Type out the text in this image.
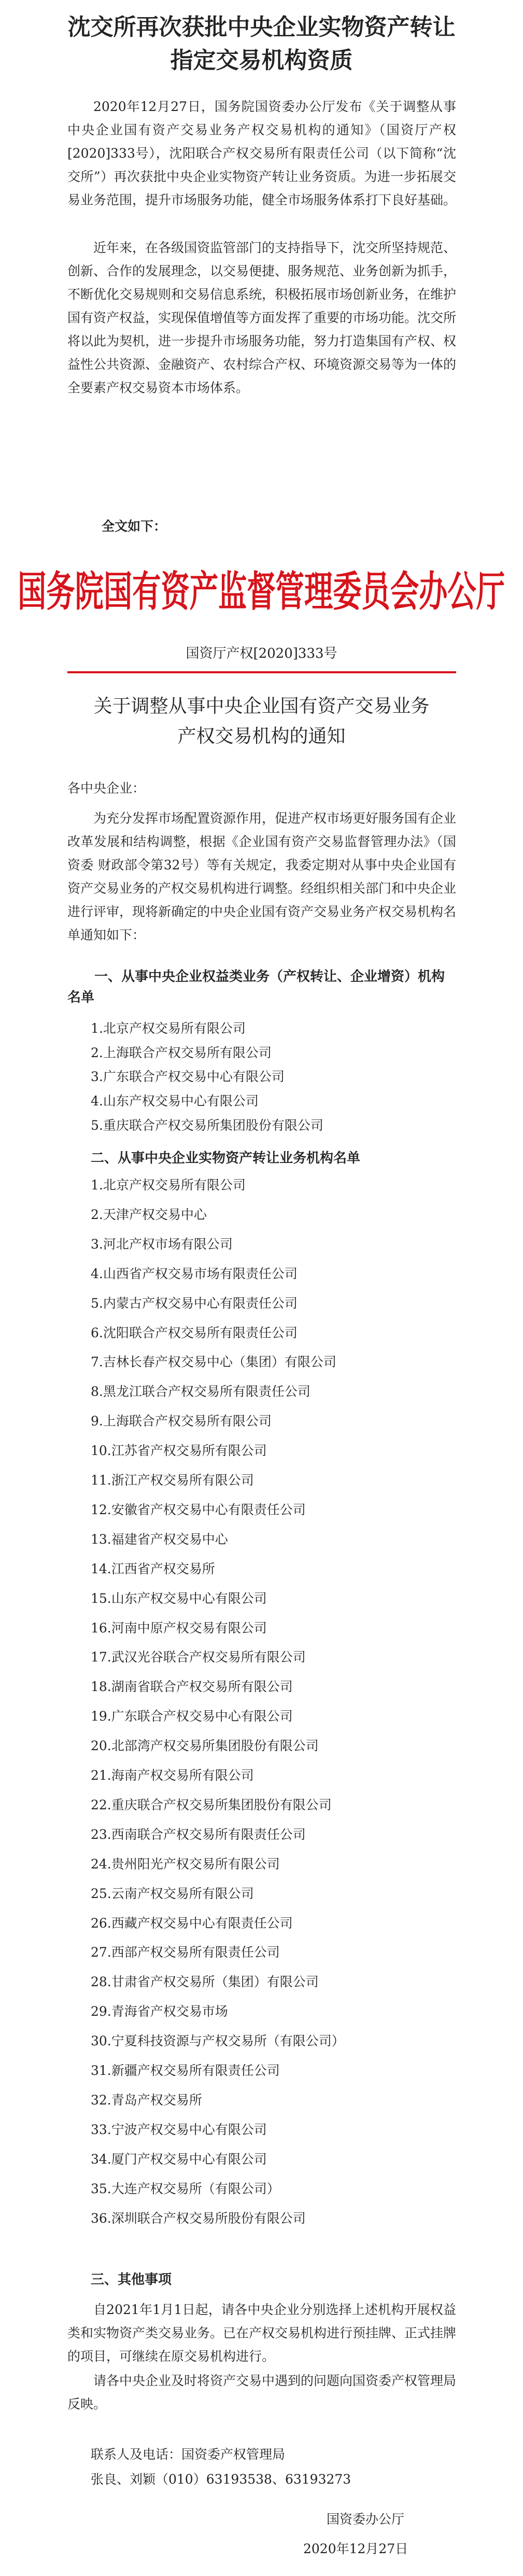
沈交所再次获批中央企业实物资产转让
指定交易机构资质

2020年12月27日，国务院国资委办公厅发布《关于调整从事中央企业国有资产交易业务产权交易机构的通知》（国资厅产权[2020]333号），沈阳联合产权交易所有限责任公司（以下简称“沈交所”）再次获批中央企业实物资产转让业务资质。为进一步拓展交易业务范围，提升市场服务功能，健全市场服务体系打下良好基础。

近年来，在各级国资监管部门的支持指导下，沈交所坚持规范、创新、合作的发展理念，以交易便捷、服务规范、业务创新为抓手，不断优化交易规则和交易信息系统，积极拓展市场创新业务，在维护国有资产权益，实现保值增值等方面发挥了重要的市场功能。沈交所将以此为契机，进一步提升市场服务功能，努力打造集国有产权、权益性公共资源、金融资产、农村综合产权、环境资源交易等为一体的全要素产权交易资本市场体系。

全文如下：
国务院国有资产监督管理委员会办公厅
国资厅产权[2020]333号
关于调整从事中央企业国有资产交易业务
产权交易机构的通知
各中央企业：

为充分发挥市场配置资源作用，促进产权市场更好服务国有企业改革发展和结构调整，根据《企业国有资产交易监督管理办法》（国资委 财政部令第32号）等有关规定，我委定期对从事中央企业国有资产交易业务的产权交易机构进行调整。经组织相关部门和中央企业进行评审，现将新确定的中央企业国有资产交易业务产权交易机构名单通知如下：

一、从事中央企业权益类业务（产权转让、企业增资）机构名单
1.北京产权交易所有限公司
2.上海联合产权交易所有限公司
3.广东联合产权交易中心有限公司
4.山东产权交易中心有限公司
5.重庆联合产权交易所集团股份有限公司
二、从事中央企业实物资产转让业务机构名单
1.北京产权交易所有限公司
2.天津产权交易中心
3.河北产权市场有限公司
4.山西省产权交易市场有限责任公司
5.内蒙古产权交易中心有限责任公司
6.沈阳联合产权交易所有限责任公司
7.吉林长春产权交易中心（集团）有限公司
8.黑龙江联合产权交易所有限责任公司
9.上海联合产权交易所有限公司
10.江苏省产权交易所有限公司
11.浙江产权交易所有限公司
12.安徽省产权交易中心有限责任公司
13.福建省产权交易中心
14.江西省产权交易所
15.山东产权交易中心有限公司
16.河南中原产权交易有限公司
17.武汉光谷联合产权交易所有限公司
18.湖南省联合产权交易所有限公司
19.广东联合产权交易中心有限公司
20.北部湾产权交易所集团股份有限公司
21.海南产权交易所有限公司
22.重庆联合产权交易所集团股份有限公司
23.西南联合产权交易所有限责任公司
24.贵州阳光产权交易所有限公司
25.云南产权交易所有限公司
26.西藏产权交易中心有限责任公司
27.西部产权交易所有限责任公司
28.甘肃省产权交易所（集团）有限公司
29.青海省产权交易市场
30.宁夏科技资源与产权交易所（有限公司）
31.新疆产权交易所有限责任公司
32.青岛产权交易所
33.宁波产权交易中心有限公司
34.厦门产权交易中心有限公司
35.大连产权交易所（有限公司）
36.深圳联合产权交易所股份有限公司
三、其他事项

自2021年1月1日起，请各中央企业分别选择上述机构开展权益类和实物资产类交易业务。已在产权交易机构进行预挂牌、正式挂牌的项目，可继续在原交易机构进行。

请各中央企业及时将资产交易中遇到的问题向国资委产权管理局反映。

联系人及电话：国资委产权管理局
张良、刘颖（010）63193538、63193273
国资委办公厅
2020年12月27日
